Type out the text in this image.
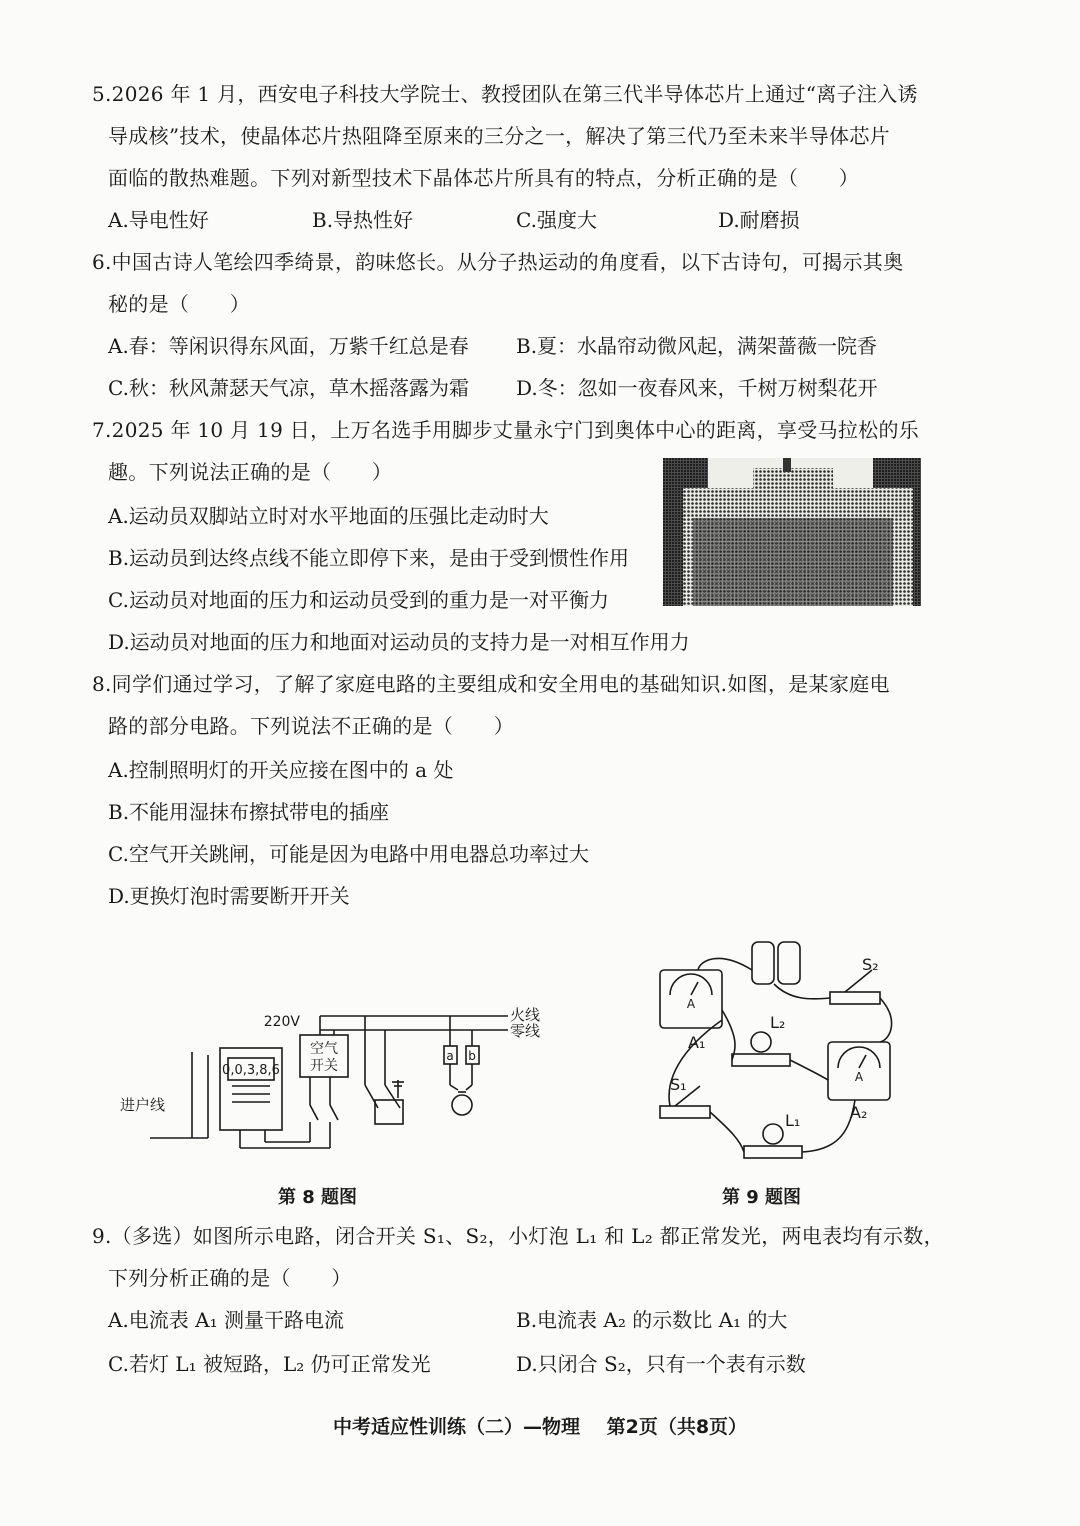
5.2026 年 1 月，西安电子科技大学院士、教授团队在第三代半导体芯片上通过“离子注入诱
导成核”技术，使晶体芯片热阻降至原来的三分之一，解决了第三代乃至未来半导体芯片
面临的散热难题。下列对新型技术下晶体芯片所具有的特点，分析正确的是（　　）
A.导电性好	B.导热性好	C.强度大	D.耐磨损
6.中国古诗人笔绘四季绮景，韵味悠长。从分子热运动的角度看，以下古诗句，可揭示其奥
秘的是（　　）
A.春：等闲识得东风面，万紫千红总是春 B.夏：水晶帘动微风起，满架蔷薇一院香
C.秋：秋风萧瑟天气凉，草木摇落露为霜 D.冬：忽如一夜春风来，千树万树梨花开
7.2025 年 10 月 19 日，上万名选手用脚步丈量永宁门到奥体中心的距离，享受马拉松的乐
趣。下列说法正确的是（　　）
A.运动员双脚站立时对水平地面的压强比走动时大
B.运动员到达终点线不能立即停下来，是由于受到惯性作用
C.运动员对地面的压力和运动员受到的重力是一对平衡力
D.运动员对地面的压力和地面对运动员的支持力是一对相互作用力
8.同学们通过学习，了解了家庭电路的主要组成和安全用电的基础知识.如图，是某家庭电
路的部分电路。下列说法不正确的是（　　）
A.控制照明灯的开关应接在图中的 a 处
B.不能用湿抹布擦拭带电的插座
C.空气开关跳闸，可能是因为电路中用电器总功率过大
D.更换灯泡时需要断开开关
220V
进户线
火线
零线
空气
开关
a b
0,0,3,8,6
第 8 题图
A
A
S₂
A₁
L₂
A₂
S₁
L₁
第 9 题图
9.（多选）如图所示电路，闭合开关 S₁、S₂，小灯泡 L₁ 和 L₂ 都正常发光，两电表均有示数，
下列分析正确的是（　　）
A.电流表 A₁ 测量干路电流	B.电流表 A₂ 的示数比 A₁ 的大
C.若灯 L₁ 被短路，L₂ 仍可正常发光	D.只闭合 S₂，只有一个表有示数
中考适应性训练（二）—物理 第2页（共8页）
